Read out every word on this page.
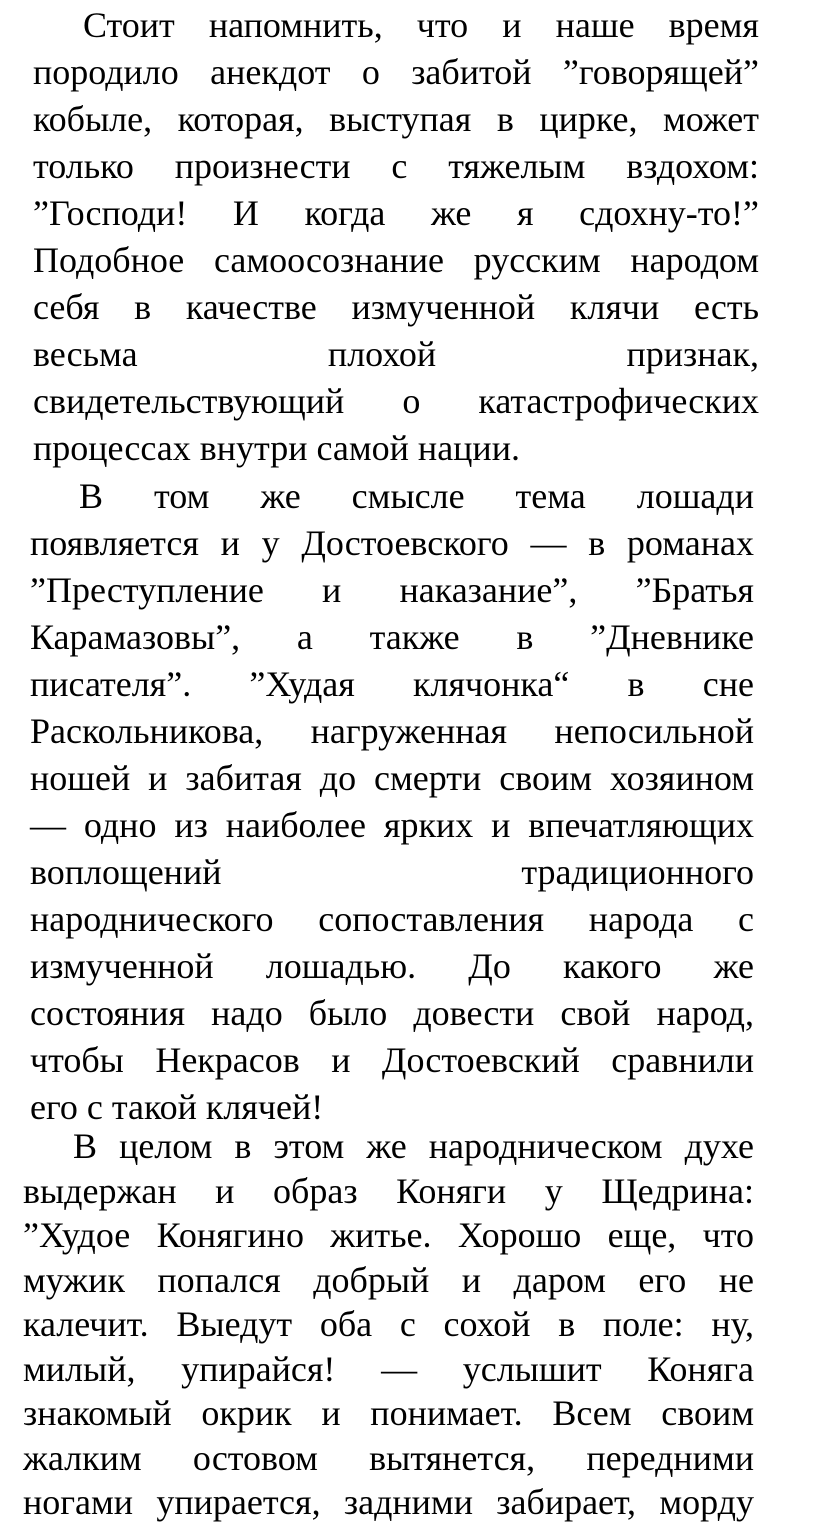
Стоит напомнить, что и наше время

породило анекдот о забитой ”говорящей”

кобыле, которая, выступая в цирке, может

только произнести с тяжелым вздохом:

”Господи! И когда же я сдохну-то!”

Подобное самоосознание русским народом

себя в качестве измученной клячи есть

весьма плохой признак,

свидетельствующий о катастрофических

процессах внутри самой нации.

В том же смысле тема лошади

появляется и у Достоевского — в романах

”Преступление и наказание”, ”Братья

Карамазовы”, а также в ”Дневнике

писателя”. ”Худая клячонка“ в сне

Раскольникова, нагруженная непосильной

ношей и забитая до смерти своим хозяином

— одно из наиболее ярких и впечатляющих

воплощений традиционного

народнического сопоставления народа с

измученной лошадью. До какого же

состояния надо было довести свой народ,

чтобы Некрасов и Достоевский сравнили

его с такой клячей!

В целом в этом же народническом духе

выдержан и образ Коняги у Щедрина:

”Худое Конягино житье. Хорошо еще, что

мужик попался добрый и даром его не

калечит. Выедут оба с сохой в поле: ну,

милый, упирайся! — услышит Коняга

знакомый окрик и понимает. Всем своим

жалким остовом вытянется, передними

ногами упирается, задними забирает, морду
